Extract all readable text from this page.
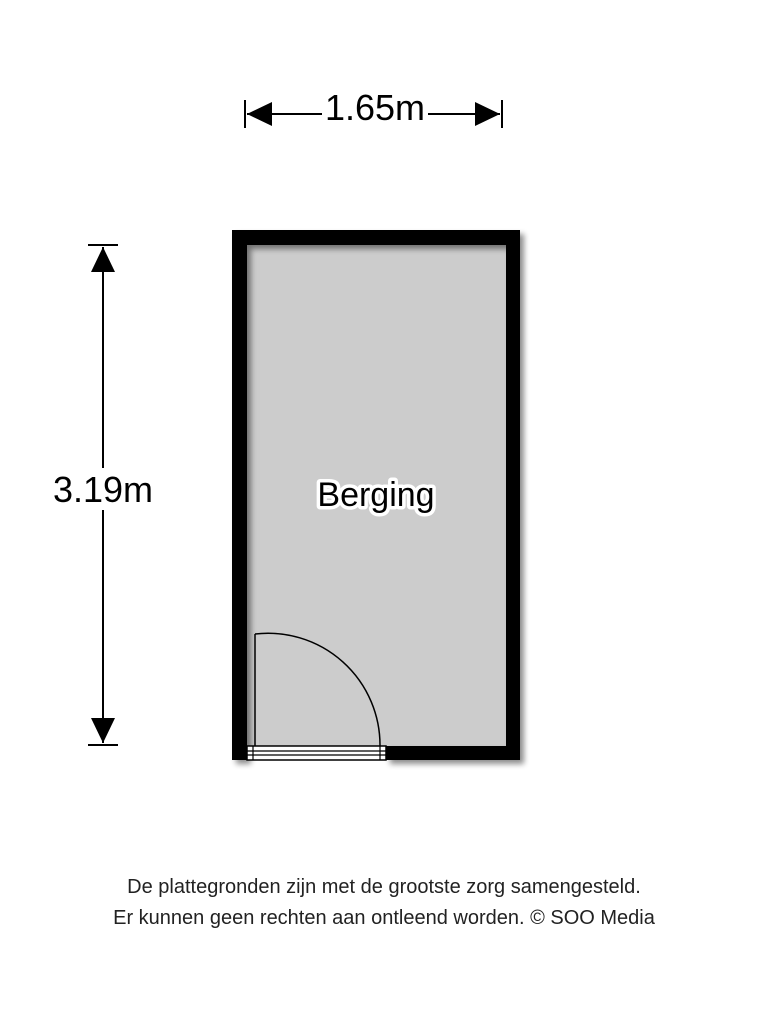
1.65m
3.19m	Berging
De plattegronden zijn met de grootste zorg samengesteld.
Er kunnen geen rechten aan ontleend worden. © SOO Media
